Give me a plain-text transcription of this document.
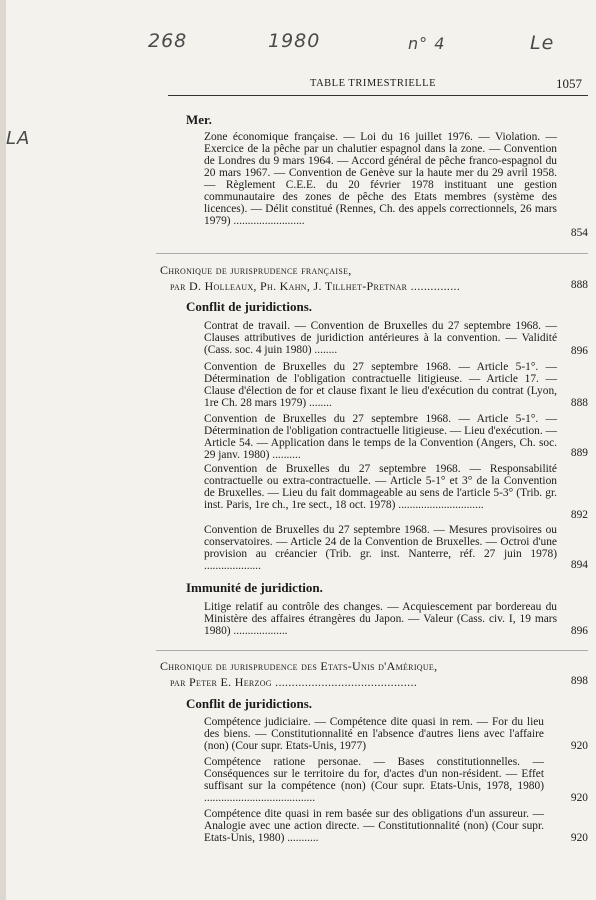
268	1980	n° 4	Le
LA
TABLE TRIMESTRIELLE	1057
Mer.
Zone économique française. — Loi du 16 juillet 1976. — Violation. — Exercice de la pêche par un chalutier espagnol dans la zone. — Convention de Londres du 9 mars 1964. — Accord général de pêche franco-espagnol du 20 mars 1967. — Convention de Genève sur la haute mer du 29 avril 1958. — Règlement C.E.E. du 20 février 1978 instituant une gestion communautaire des zones de pêche des Etats membres (système des licences). — Délit constitué (Rennes, Ch. des appels correctionnels, 26 mars 1979) .........................
854
Chronique de jurisprudence française,
par D. Holleaux, Ph. Kahn, J. Tillhet-Pretnar ...............	888
Conflit de juridictions.
Contrat de travail. — Convention de Bruxelles du 27 septembre 1968. — Clauses attributives de juridiction antérieures à la convention. — Validité (Cass. soc. 4 juin 1980) ........	896
Convention de Bruxelles du 27 septembre 1968. — Article 5-1°. — Détermination de l'obligation contractuelle litigieuse. — Article 17. — Clause d'élection de for et clause fixant le lieu d'exécution du contrat (Lyon, 1re Ch. 28 mars 1979) ........	888
Convention de Bruxelles du 27 septembre 1968. — Article 5-1°. — Détermination de l'obligation contractuelle litigieuse. — Lieu d'exécution. — Article 54. — Application dans le temps de la Convention (Angers, Ch. soc. 29 janv. 1980) ..........	889
Convention de Bruxelles du 27 septembre 1968. — Responsabilité contractuelle ou extra-contractuelle. — Article 5-1° et 3° de la Convention de Bruxelles. — Lieu du fait dommageable au sens de l'article 5-3° (Trib. gr. inst. Paris, 1re ch., 1re sect., 18 oct. 1978) ..............................
892
Convention de Bruxelles du 27 septembre 1968. — Mesures provisoires ou conservatoires. — Article 24 de la Convention de Bruxelles. — Octroi d'une provision au créancier (Trib. gr. inst. Nanterre, réf. 27 juin 1978) ....................	894
Immunité de juridiction.
Litige relatif au contrôle des changes. — Acquiescement par bordereau du Ministère des affaires étrangères du Japon. — Valeur (Cass. civ. I, 19 mars 1980) ...................	896
Chronique de jurisprudence des Etats-Unis d'Amérique,
par Peter E. Herzog ...........................................	898
Conflit de juridictions.
Compétence judiciaire. — Compétence dite quasi in rem. — For du lieu des biens. — Constitutionnalité en l'absence d'autres liens avec l'affaire (non) (Cour supr. Etats-Unis, 1977)	920
Compétence ratione personae. — Bases constitutionnelles. — Conséquences sur le territoire du for, d'actes d'un non-résident. — Effet suffisant sur la compétence (non) (Cour supr. Etats-Unis, 1978, 1980) .......................................	920
Compétence dite quasi in rem basée sur des obligations d'un assureur. — Analogie avec une action directe. — Constitutionnalité (non) (Cour supr. Etats-Unis, 1980) ...........	920
